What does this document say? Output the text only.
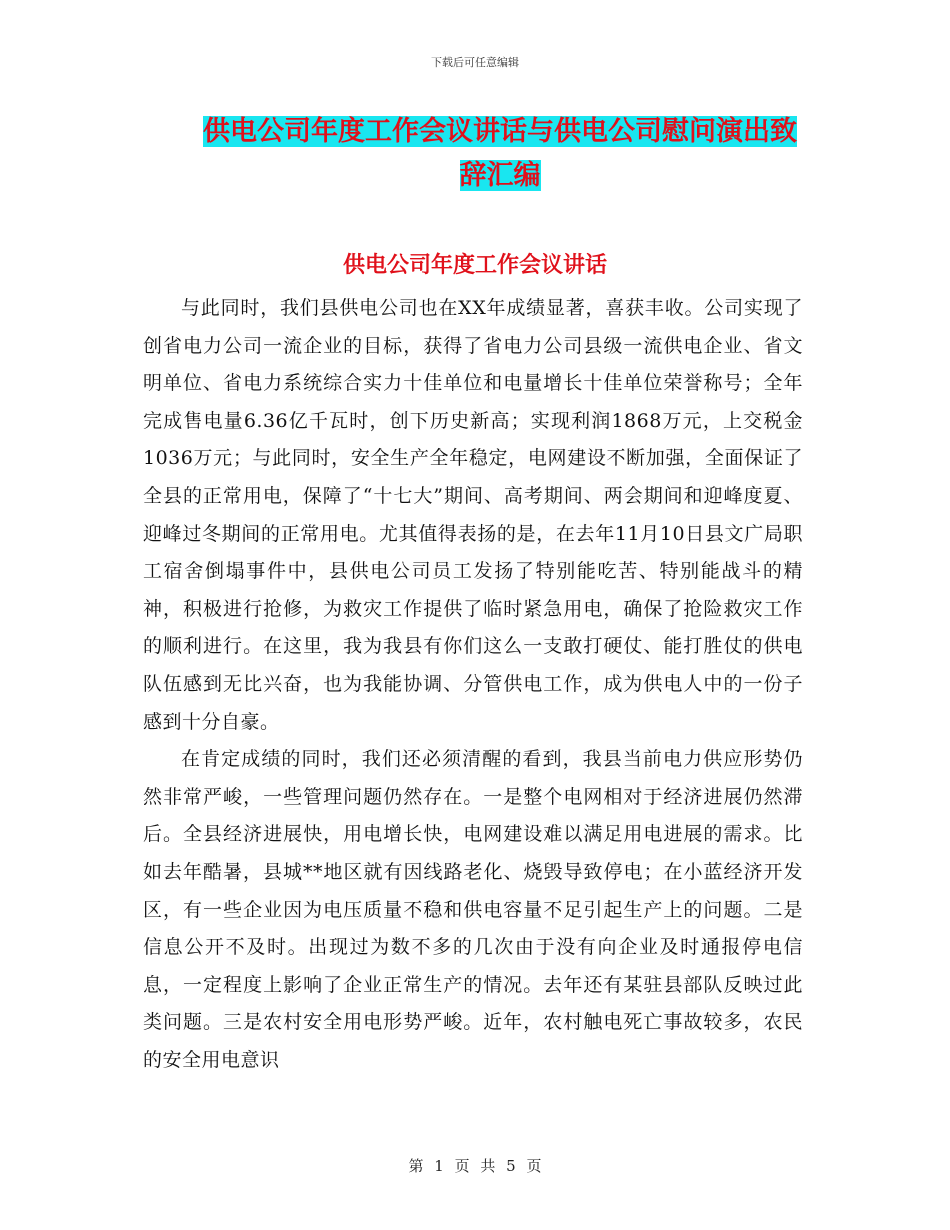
下载后可任意编辑
供电公司年度工作会议讲话与供电公司慰问演出致辞汇编
供电公司年度工作会议讲话

与此同时，我们县供电公司也在XX年成绩显著，喜获丰收。公司实现了创省电力公司一流企业的目标，获得了省电力公司县级一流供电企业、省文明单位、省电力系统综合实力十佳单位和电量增长十佳单位荣誉称号；全年完成售电量6.36亿千瓦时，创下历史新高；实现利润1868万元，上交税金1036万元；与此同时，安全生产全年稳定，电网建设不断加强，全面保证了全县的正常用电，保障了“十七大”期间、高考期间、两会期间和迎峰度夏、迎峰过冬期间的正常用电。尤其值得表扬的是，在去年11月10日县文广局职工宿舍倒塌事件中，县供电公司员工发扬了特别能吃苦、特别能战斗的精神，积极进行抢修，为救灾工作提供了临时紧急用电，确保了抢险救灾工作的顺利进行。在这里，我为我县有你们这么一支敢打硬仗、能打胜仗的供电队伍感到无比兴奋，也为我能协调、分管供电工作，成为供电人中的一份子感到十分自豪。

在肯定成绩的同时，我们还必须清醒的看到，我县当前电力供应形势仍然非常严峻，一些管理问题仍然存在。一是整个电网相对于经济进展仍然滞后。全县经济进展快，用电增长快，电网建设难以满足用电进展的需求。比如去年酷暑，县城**地区就有因线路老化、烧毁导致停电；在小蓝经济开发区，有一些企业因为电压质量不稳和供电容量不足引起生产上的问题。二是信息公开不及时。出现过为数不多的几次由于没有向企业及时通报停电信息，一定程度上影响了企业正常生产的情况。去年还有某驻县部队反映过此类问题。三是农村安全用电形势严峻。近年，农村触电死亡事故较多，农民的安全用电意识

第 1 页 共 5 页
